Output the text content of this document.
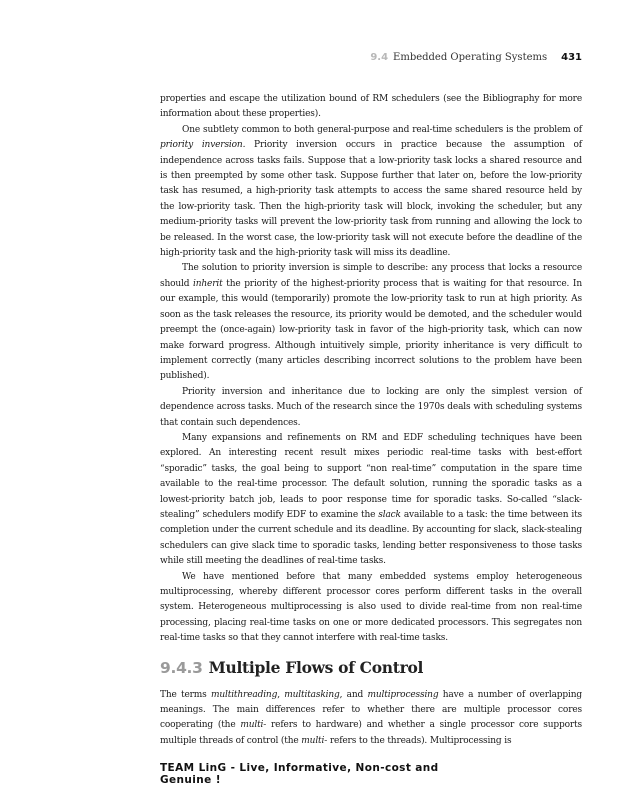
9.4 Embedded Operating Systems 431

properties and escape the utilization bound of RM schedulers (see the Bibliography for more information about these properties).

One subtlety common to both general-purpose and real-time schedulers is the problem of priority inversion. Priority inversion occurs in practice because the assumption of independence across tasks fails. Suppose that a low-priority task locks a shared resource and is then preempted by some other task. Suppose further that later on, before the low-priority task has resumed, a high-priority task attempts to access the same shared resource held by the low-priority task. Then the high-priority task will block, invoking the scheduler, but any medium-priority tasks will prevent the low-priority task from running and allowing the lock to be released. In the worst case, the low-priority task will not execute before the deadline of the high-priority task and the high-priority task will miss its deadline.

The solution to priority inversion is simple to describe: any process that locks a resource should inherit the priority of the highest-priority process that is waiting for that resource. In our example, this would (temporarily) promote the low-priority task to run at high priority. As soon as the task releases the resource, its priority would be demoted, and the scheduler would preempt the (once-again) low-priority task in favor of the high-priority task, which can now make forward progress. Although intuitively simple, priority inheritance is very difficult to implement correctly (many articles describing incorrect solutions to the problem have been published).

Priority inversion and inheritance due to locking are only the simplest version of dependence across tasks. Much of the research since the 1970s deals with scheduling systems that contain such dependences.

Many expansions and refinements on RM and EDF scheduling techniques have been explored. An interesting recent result mixes periodic real-time tasks with best-effort “sporadic” tasks, the goal being to support “non real-time” computation in the spare time available to the real-time processor. The default solution, running the sporadic tasks as a lowest-priority batch job, leads to poor response time for sporadic tasks. So-called “slack-stealing” schedulers modify EDF to examine the slack available to a task: the time between its completion under the current schedule and its deadline. By accounting for slack, slack-stealing schedulers can give slack time to sporadic tasks, lending better responsiveness to those tasks while still meeting the deadlines of real-time tasks.

We have mentioned before that many embedded systems employ heterogeneous multiprocessing, whereby different processor cores perform different tasks in the overall system. Heterogeneous multiprocessing is also used to divide real-time from non real-time processing, placing real-time tasks on one or more dedicated processors. This segregates non real-time tasks so that they cannot interfere with real-time tasks.

9.4.3 Multiple Flows of Control

The terms multithreading, multitasking, and multiprocessing have a number of overlapping meanings. The main differences refer to whether there are multiple processor cores cooperating (the multi- refers to hardware) and whether a single processor core supports multiple threads of control (the multi- refers to the threads). Multiprocessing is

TEAM LinG - Live, Informative, Non-cost and Genuine !
